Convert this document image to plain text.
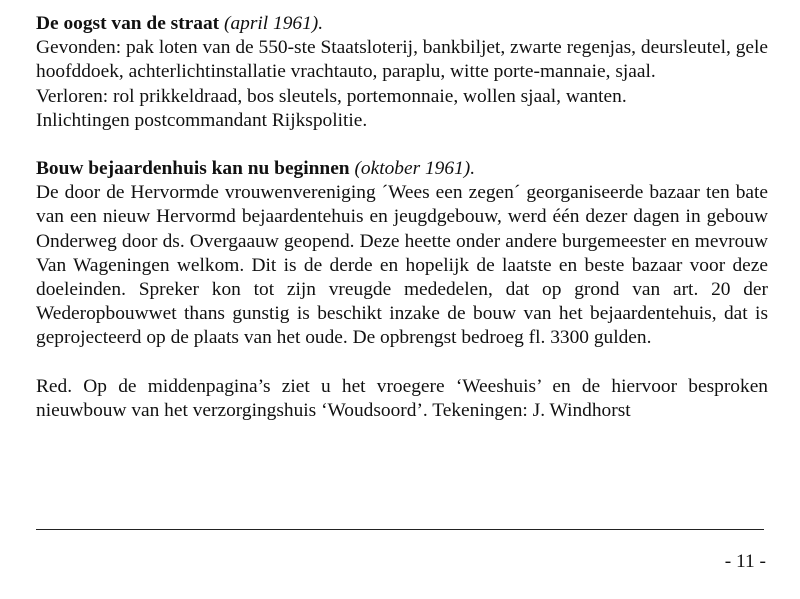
De oogst van de straat (april 1961).

Gevonden: pak loten van de 550-ste Staatsloterij, bankbiljet, zwarte regenjas, deursleutel, gele hoofddoek, achterlichtinstallatie vrachtauto, paraplu, witte porte-mannaie, sjaal.

Verloren: rol prikkeldraad, bos sleutels, portemonnaie, wollen sjaal, wanten.

Inlichtingen postcommandant Rijkspolitie.

Bouw bejaardenhuis kan nu beginnen (oktober 1961).

De door de Hervormde vrouwenvereniging ´Wees een zegen´ georganiseerde bazaar ten bate van een nieuw Hervormd bejaardentehuis en jeugdgebouw, werd één dezer dagen in gebouw Onderweg door ds. Overgaauw geopend. Deze heette onder andere burgemeester en mevrouw Van Wageningen welkom. Dit is de derde en hopelijk de laatste en beste bazaar voor deze doeleinden. Spreker kon tot zijn vreugde mededelen, dat op grond van art. 20 der Wederopbouwwet thans gunstig is beschikt inzake de bouw van het bejaardentehuis, dat is geprojecteerd op de plaats van het oude. De opbrengst bedroeg fl. 3300 gulden.

Red. Op de middenpagina’s ziet u het vroegere ‘Weeshuis’ en de hiervoor besproken nieuwbouw van het verzorgingshuis ‘Woudsoord’. Tekeningen: J. Windhorst

- 11 -
